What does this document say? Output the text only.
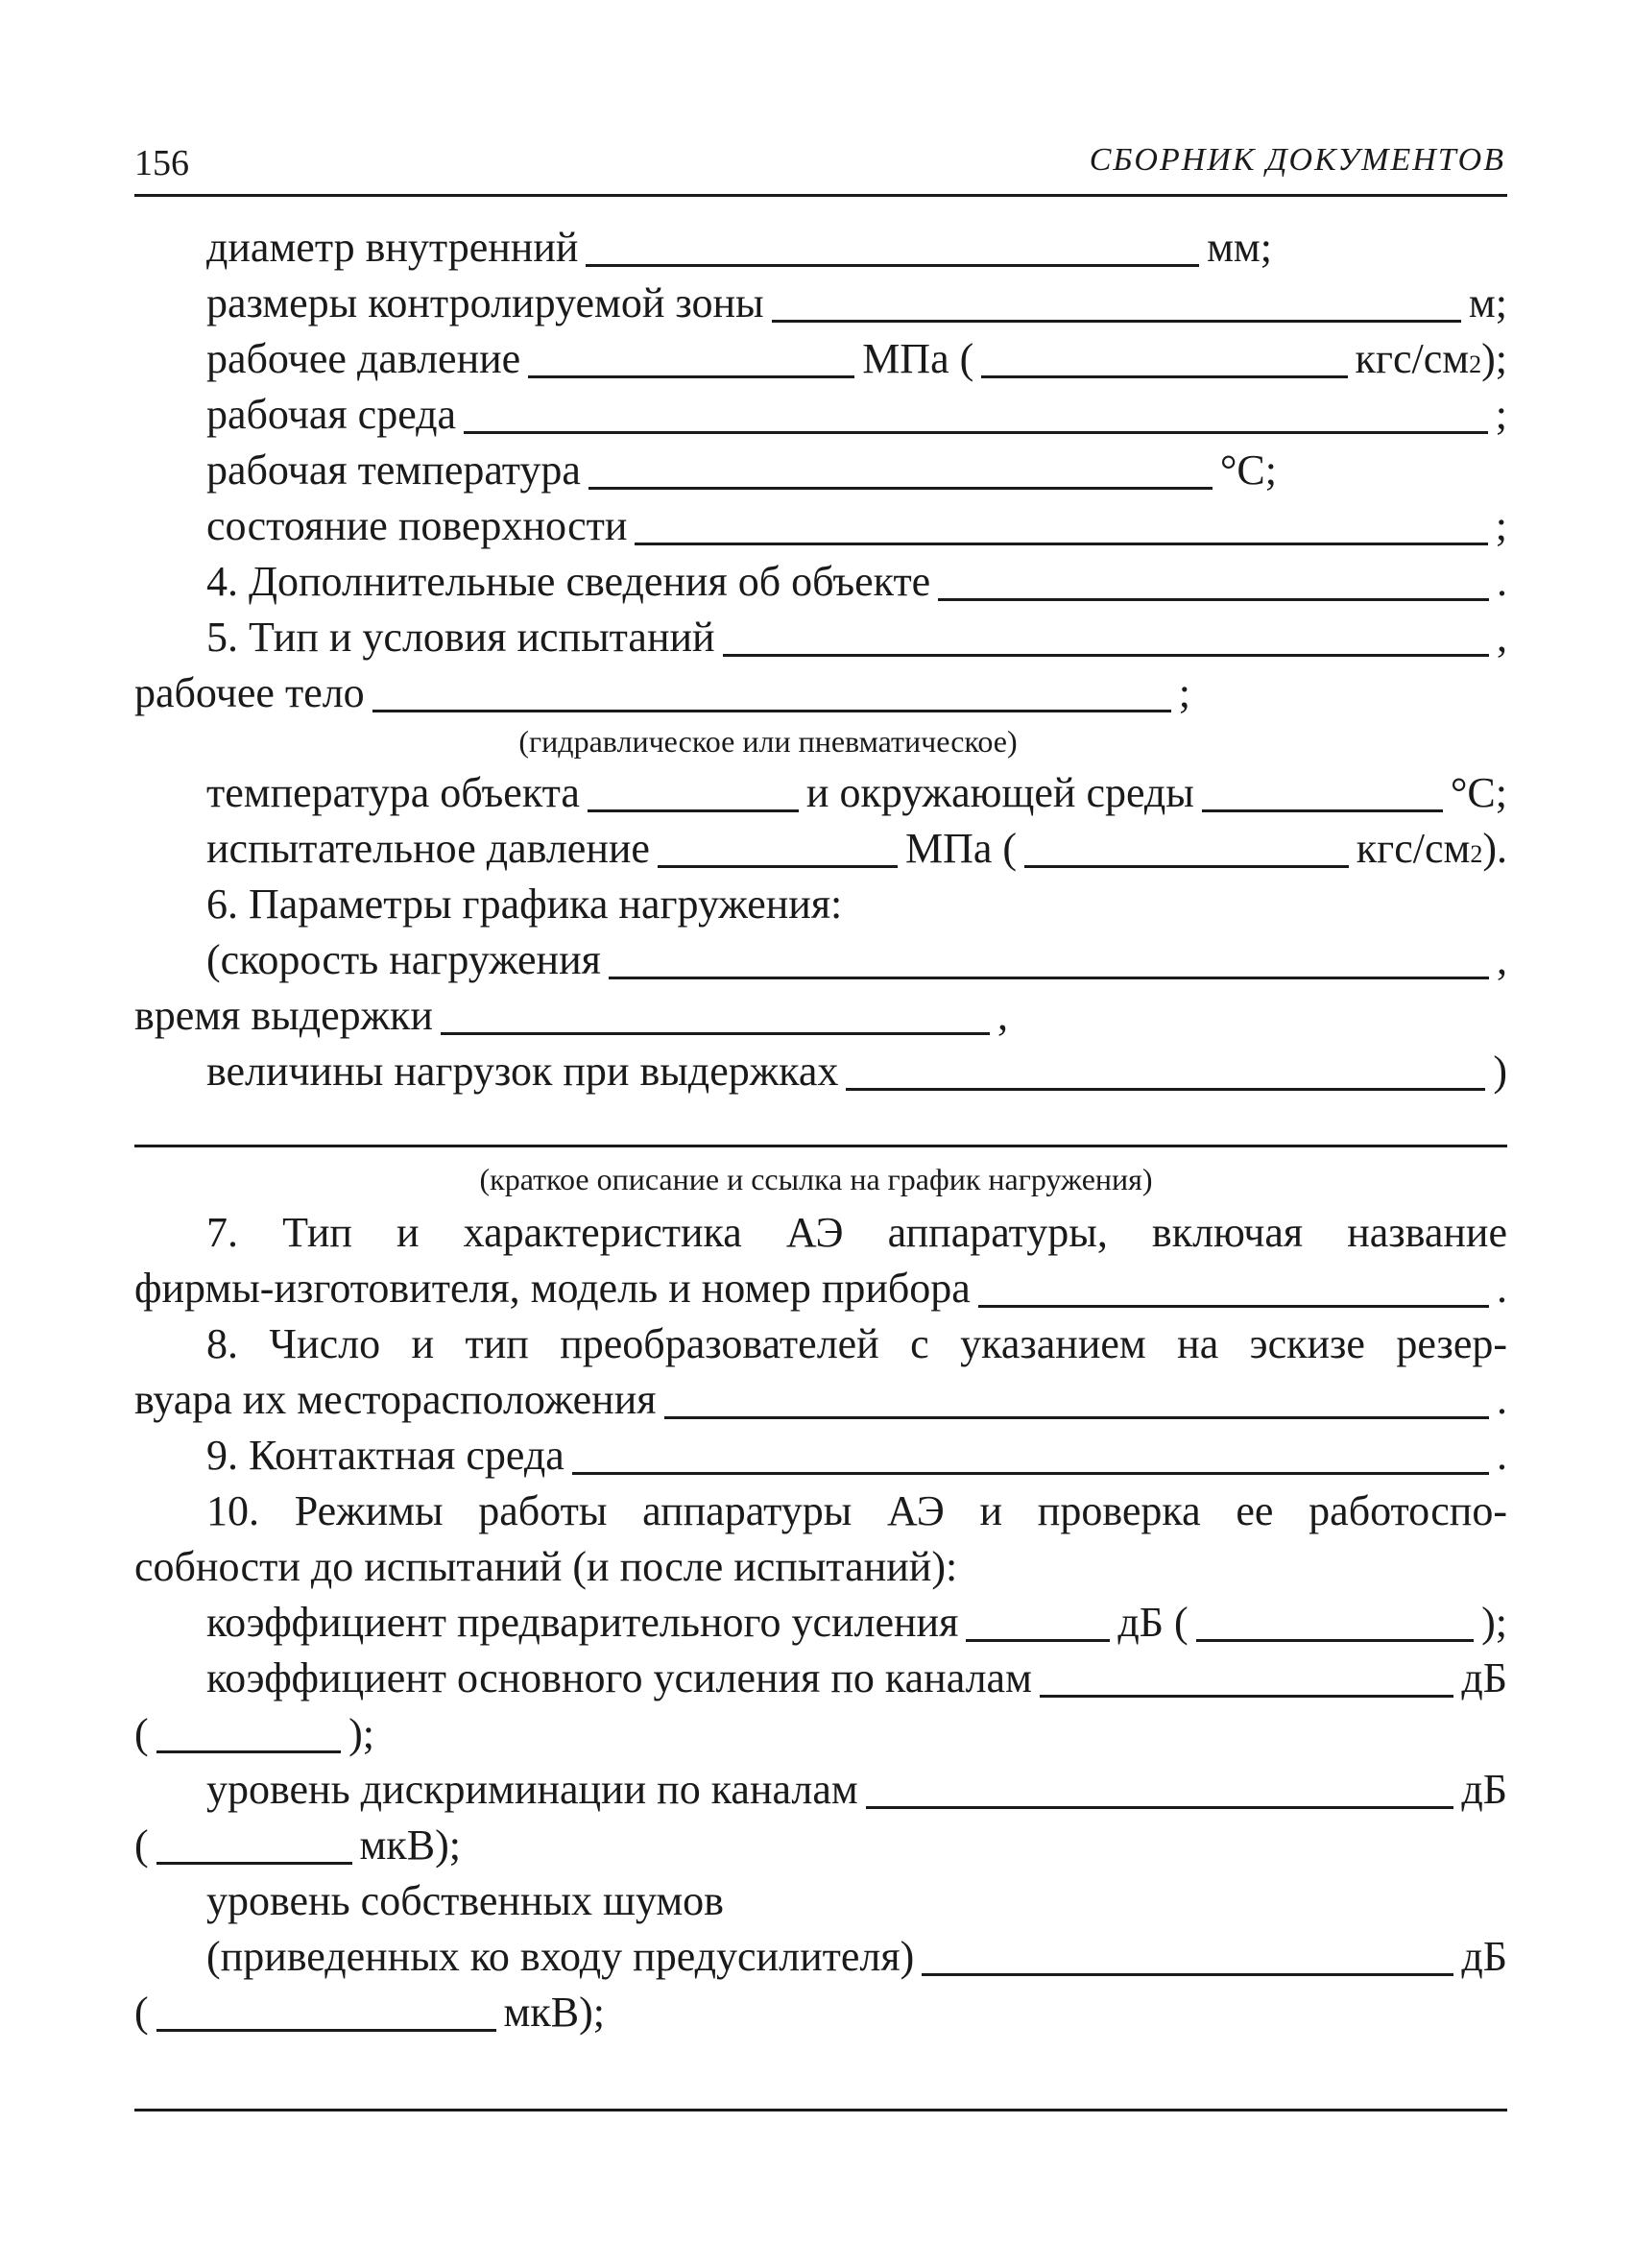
156	СБОРНИК ДОКУМЕНТОВ
диаметр внутренний	мм;
размеры контролируемой зоны	м;
рабочее давление	МПа (	кгс/см 2 );
рабочая среда	;
рабочая температура	°С;
состояние поверхности	;
4. Дополнительные сведения об объекте	.
5. Тип и условия испытаний	,
рабочее тело	;
(гидравлическое или пневматическое)
температура объекта	и окружающей среды	°С;
испытательное давление	МПа (	кгс/см 2 ).
6. Параметры графика нагружения:
(скорость нагружения	,
время выдержки	,
величины нагрузок при выдержках	)
(краткое описание и ссылка на график нагружения)
7. Тип и характеристика АЭ аппаратуры, включая название
фирмы-изготовителя, модель и номер прибора	.
8. Число и тип преобразователей с указанием на эскизе резер-
вуара их месторасположения	.
9. Контактная среда	.
10. Режимы работы аппаратуры АЭ и проверка ее работоспо-
собности до испытаний (и после испытаний):
коэффициент предварительного усиления	дБ (	);
коэффициент основного усиления по каналам	дБ
(	);
уровень дискриминации по каналам	дБ
(	мкВ);
уровень собственных шумов
(приведенных ко входу предусилителя)	дБ
(	мкВ);
